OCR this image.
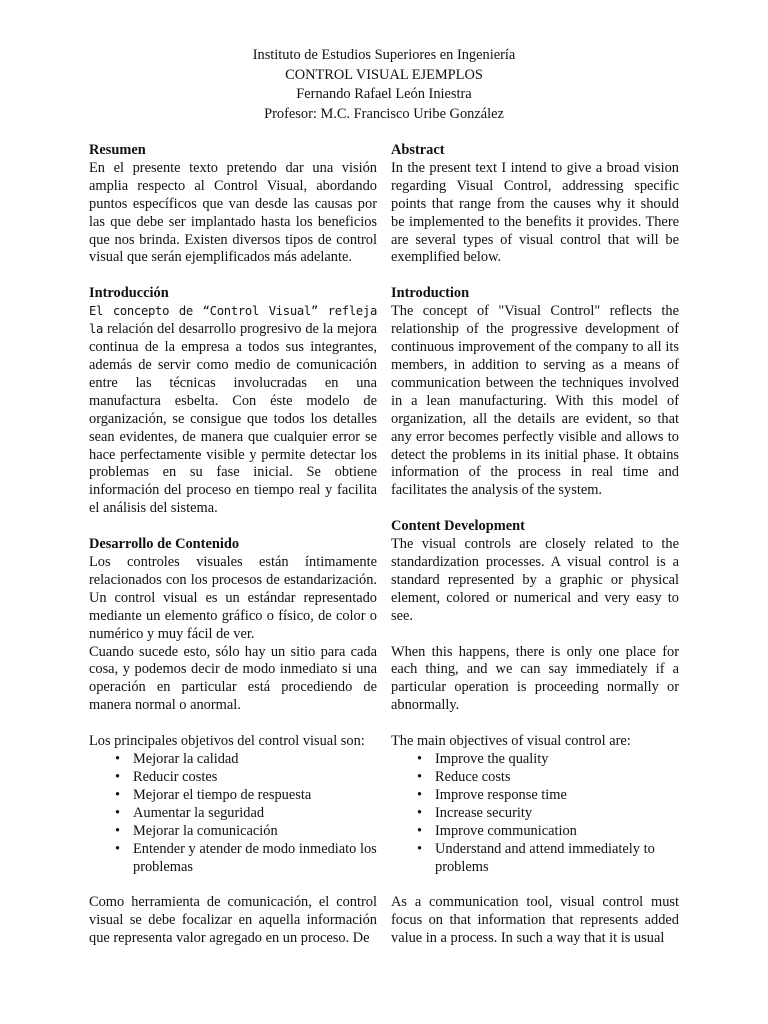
Instituto de Estudios Superiores en Ingeniería
CONTROL VISUAL EJEMPLOS
Fernando Rafael León Iniestra
Profesor: M.C. Francisco Uribe González
Resumen

En el presente texto pretendo dar una visión amplia respecto al Control Visual, abordando puntos específicos que van desde las causas por las que debe ser implantado hasta los beneficios que nos brinda. Existen diversos tipos de control visual que serán ejemplificados más adelante.

Introducción

El concepto de “Control Visual” refleja la relación del desarrollo progresivo de la mejora continua de la empresa a todos sus integrantes, además de servir como medio de comunicación entre las técnicas involucradas en una manufactura esbelta. Con éste modelo de organización, se consigue que todos los detalles sean evidentes, de manera que cualquier error se hace perfectamente visible y permite detectar los problemas en su fase inicial. Se obtiene información del proceso en tiempo real y facilita el análisis del sistema.

Desarrollo de Contenido

Los controles visuales están íntimamente relacionados con los procesos de estandarización. Un control visual es un estándar representado mediante un elemento gráfico o físico, de color o numérico y muy fácil de ver.

Cuando sucede esto, sólo hay un sitio para cada cosa, y podemos decir de modo inmediato si una operación en particular está procediendo de manera normal o anormal.

Los principales objetivos del control visual son:

• Mejorar la calidad
• Reducir costes
• Mejorar el tiempo de respuesta
• Aumentar la seguridad
• Mejorar la comunicación
• Entender y atender de modo inmediato los problemas

Como herramienta de comunicación, el control visual se debe focalizar en aquella información que representa valor agregado en un proceso. De

Abstract

In the present text I intend to give a broad vision regarding Visual Control, addressing specific points that range from the causes why it should be implemented to the benefits it provides. There are several types of visual control that will be exemplified below.

Introduction

The concept of "Visual Control" reflects the relationship of the progressive development of continuous improvement of the company to all its members, in addition to serving as a means of communication between the techniques involved in a lean manufacturing. With this model of organization, all the details are evident, so that any error becomes perfectly visible and allows to detect the problems in its initial phase. It obtains information of the process in real time and facilitates the analysis of the system.

Content Development

The visual controls are closely related to the standardization processes. A visual control is a standard represented by a graphic or physical element, colored or numerical and very easy to see.

When this happens, there is only one place for each thing, and we can say immediately if a particular operation is proceeding normally or abnormally.

The main objectives of visual control are:

• Improve the quality
• Reduce costs
• Improve response time
• Increase security
• Improve communication
• Understand and attend immediately to problems

As a communication tool, visual control must focus on that information that represents added value in a process. In such a way that it is usual
